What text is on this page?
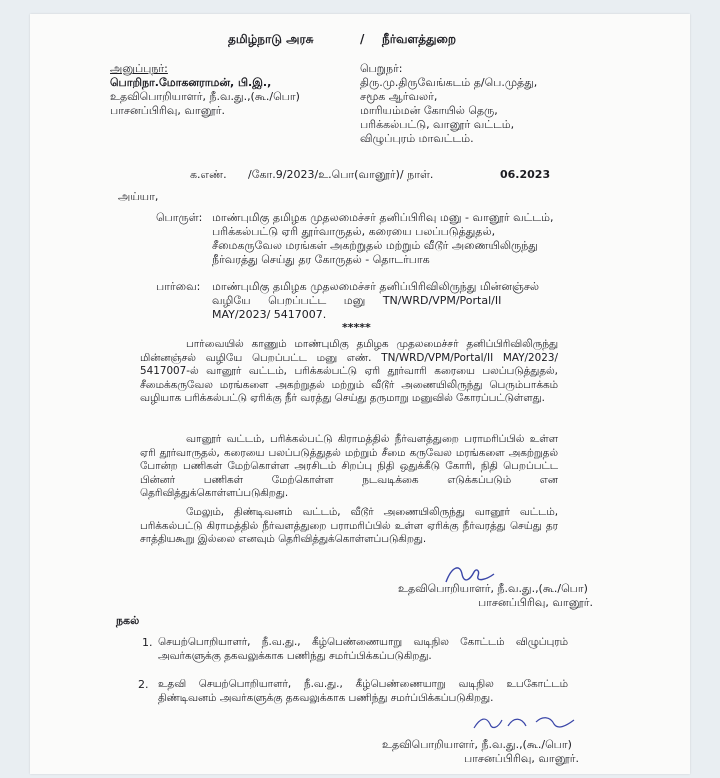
தமிழ்நாடு அரசு	/ நீர்வளத்துறை
அனுப்புநர்:
பொறிநா.மோகனராமன், பி.இ.,
உதவிபொறியாளர், நீ.வ.து.,(கூ./பொ)
பாசனப்பிரிவு, வானூர்.
பெறுநர்:
திரு.மு.திருவேங்கடம் த/பெ.முத்து,
சமூக ஆர்வலர்,
மாரியம்மன் கோயில் தெரு,
பரிக்கல்பட்டு, வானூர் வட்டம்,
விழுப்புரம் மாவட்டம்.
க.எண். /கோ.9/2023/உ.பொ(வானூர்)/ நாள்.	06.2023
அய்யா,
பொருள்: மாண்புமிகு தமிழக முதலமைச்சர் தனிப்பிரிவு மனு - வானூர் வட்டம்,
பரிக்கல்பட்டு ஏரி தூர்வாருதல், கரையை பலப்படுத்துதல்,
சீமைகருவேல மரங்கள் அகற்றுதல் மற்றும் வீடூர் அணையிலிருந்து
நீர்வரத்து செய்து தர கோருதல் - தொடர்பாக
பார்வை: மாண்புமிகு தமிழக முதலமைச்சர் தனிப்பிரிவிலிருந்து மின்னஞ்சல்
வழியே பெறப்பட்ட மனு TN/WRD/VPM/Portal/II
MAY/2023/ 5417007.
*****
பார்வையில் காணும் மாண்புமிகு தமிழக முதலமைச்சர் தனிப்பிரிவிலிருந்து மின்னஞ்சல் வழியே பெறப்பட்ட மனு எண். TN/WRD/VPM/Portal/II MAY/2023/ 5417007-ல் வானூர் வட்டம், பரிக்கல்பட்டு ஏரி தூர்வாரி கரையை பலப்படுத்துதல், சீமைக்கருவேல மரங்களை அகற்றுதல் மற்றும் வீடூர் அணையிலிருந்து பெரும்பாக்கம் வழியாக பரிக்கல்பட்டு ஏரிக்கு நீர் வரத்து செய்து தருமாறு மனுவில் கோரப்பட்டுள்ளது.
வானூர் வட்டம், பரிக்கல்பட்டு கிராமத்தில் நீர்வளத்துறை பராமரிப்பில் உள்ள ஏரி தூர்வாருதல், கரையை பலப்படுத்துதல் மற்றும் சீமை கருவேல மரங்களை அகற்றுதல் போன்ற பணிகள் மேற்கொள்ள அரசிடம் சிறப்பு நிதி ஒதுக்கீடு கோரி, நிதி பெறப்பட்ட பின்னர் பணிகள் மேற்கொள்ள நடவடிக்கை எடுக்கப்படும் என தெரிவித்துக்கொள்ளப்படுகிறது.
மேலும், திண்டிவனம் வட்டம், வீடூர் அணையிலிருந்து வானூர் வட்டம், பரிக்கல்பட்டு கிராமத்தில் நீர்வளத்துறை பராமரிப்பில் உள்ள ஏரிக்கு நீர்வரத்து செய்து தர சாத்தியகூறு இல்லை எனவும் தெரிவித்துக்கொள்ளப்படுகிறது.
உதவிபொறியாளர், நீ.வ.து.,(கூ./பொ)
பாசனப்பிரிவு, வானூர்.
நகல்
1. செயற்பொறியாளர், நீ.வ.து., கீழ்பெண்ணையாறு வடிநில கோட்டம் விழுப்புரம் அவர்களுக்கு தகவலுக்காக பணிந்து சமர்ப்பிக்கப்படுகிறது.
2. உதவி செயற்பொறியாளர், நீ.வ.து., கீழ்பெண்ணையாறு வடிநில உபகோட்டம் திண்டிவனம் அவர்களுக்கு தகவலுக்காக பணிந்து சமர்ப்பிக்கப்படுகிறது.
உதவிபொறியாளர், நீ.வ.து.,(கூ./பொ)
பாசனப்பிரிவு, வானூர்.
